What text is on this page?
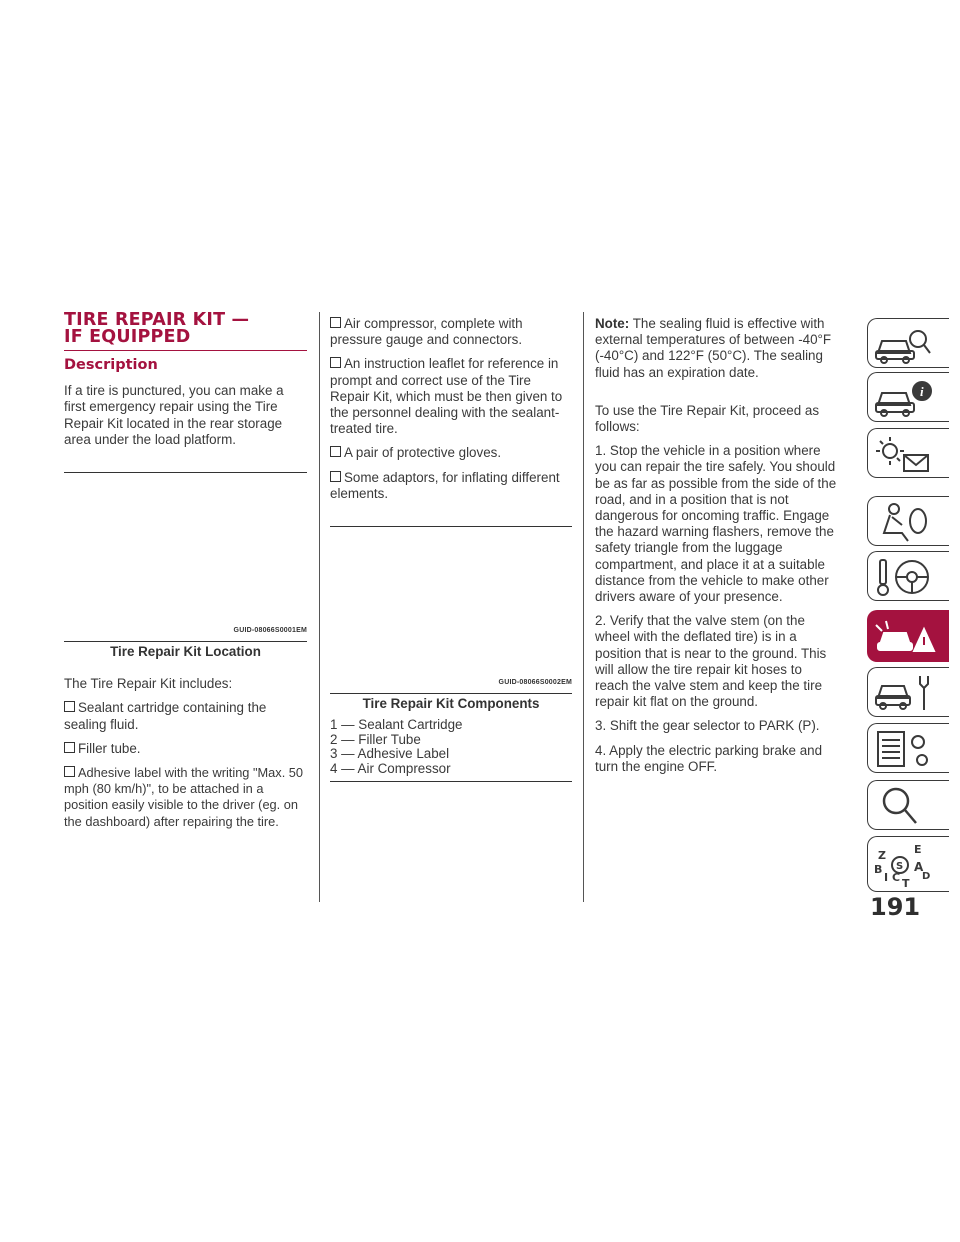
TIRE REPAIR KIT —
IF EQUIPPED
Description

If a tire is punctured, you can make a first emergency repair using the Tire Repair Kit located in the rear storage area under the load platform.

GUID-08066S0001EM
Tire Repair Kit Location

The Tire Repair Kit includes:

Sealant cartridge containing the sealing fluid.

Filler tube.

Adhesive label with the writing "Max. 50 mph (80 km/h)", to be attached in a position easily visible to the driver (eg. on the dashboard) after repairing the tire.

Air compressor, complete with pressure gauge and connectors.

An instruction leaflet for reference in prompt and correct use of the Tire Repair Kit, which must be then given to the personnel dealing with the sealant-treated tire.

A pair of protective gloves.

Some adaptors, for inflating different elements.

GUID-08066S0002EM
Tire Repair Kit Components

1 — Sealant Cartridge

2 — Filler Tube

3 — Adhesive Label

4 — Air Compressor

Note: The sealing fluid is effective with external temperatures of between -40°F (-40°C) and 122°F (50°C). The sealing fluid has an expiration date.

To use the Tire Repair Kit, proceed as follows:

1. Stop the vehicle in a position where you can repair the tire safely. You should be as far as possible from the side of the road, and in a position that is not dangerous for oncoming traffic. Engage the hazard warning flashers, remove the safety triangle from the luggage compartment, and place it at a suitable distance from the vehicle to make other drivers aware of your presence.

2. Verify that the valve stem (on the wheel with the deflated tire) is in a position that is near to the ground. This will allow the tire repair kit hoses to reach the valve stem and keep the tire repair kit flat on the ground.

3. Shift the gear selector to PARK (P).

4. Apply the electric parking brake and turn the engine OFF.

i
Z	E
B	A
I C D
T
S
191
